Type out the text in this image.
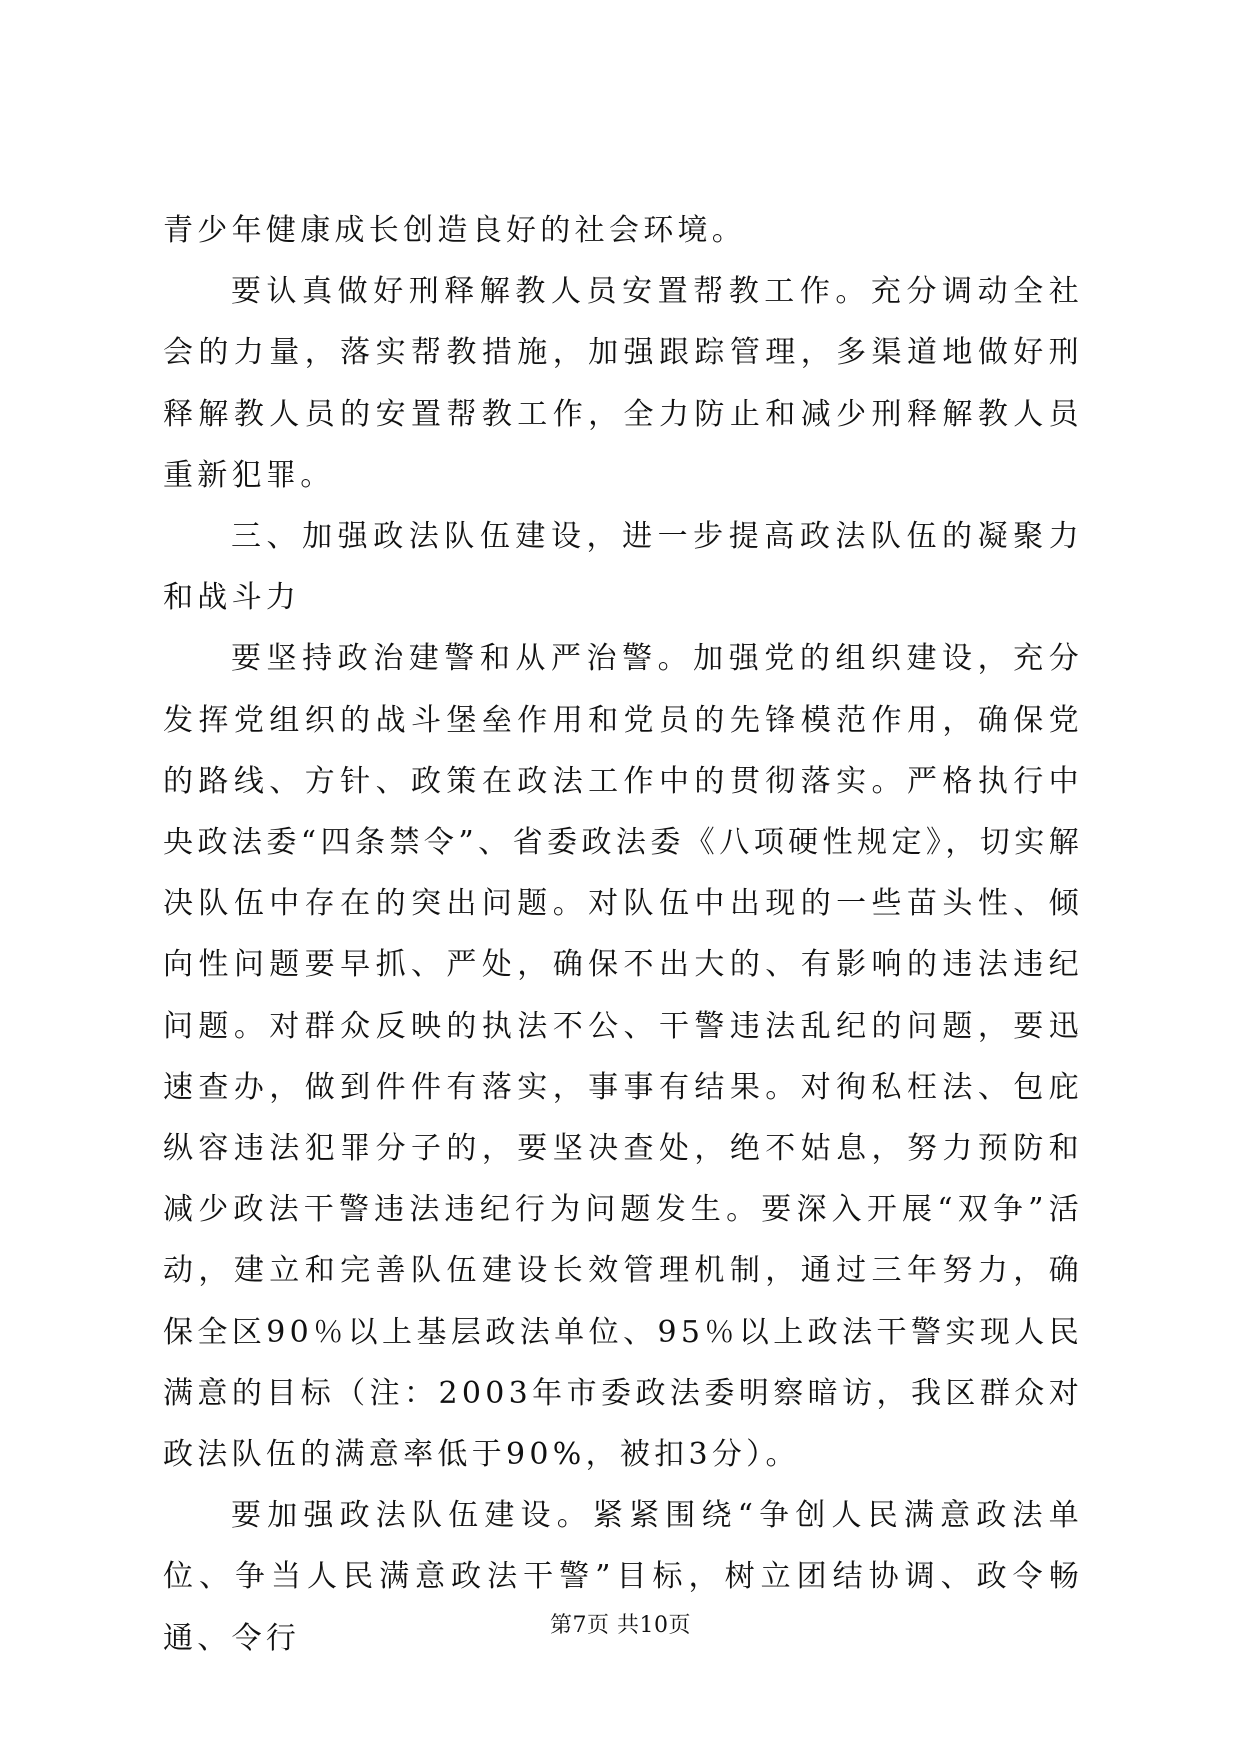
青少年健康成长创造良好的社会环境。

要认真做好刑释解教人员安置帮教工作。充分调动全社会的力量，落实帮教措施，加强跟踪管理，多渠道地做好刑释解教人员的安置帮教工作，全力防止和减少刑释解教人员重新犯罪。

三、加强政法队伍建设，进一步提高政法队伍的凝聚力和战斗力

要坚持政治建警和从严治警。加强党的组织建设，充分发挥党组织的战斗堡垒作用和党员的先锋模范作用，确保党的路线、方针、政策在政法工作中的贯彻落实。严格执行中央政法委“四条禁令”、省委政法委《八项硬性规定》，切实解决队伍中存在的突出问题。对队伍中出现的一些苗头性、倾向性问题要早抓、严处，确保不出大的、有影响的违法违纪问题。对群众反映的执法不公、干警违法乱纪的问题，要迅速查办，做到件件有落实，事事有结果。对徇私枉法、包庇纵容违法犯罪分子的，要坚决查处，绝不姑息，努力预防和减少政法干警违法违纪行为问题发生。要深入开展“双争”活动，建立和完善队伍建设长效管理机制，通过三年努力，确保全区90％以上基层政法单位、95％以上政法干警实现人民满意的目标（注：2003年市委政法委明察暗访，我区群众对政法队伍的满意率低于90%，被扣3分）。

要加强政法队伍建设。紧紧围绕“争创人民满意政法单位、争当人民满意政法干警”目标，树立团结协调、政令畅通、令行	第7页 共10页
